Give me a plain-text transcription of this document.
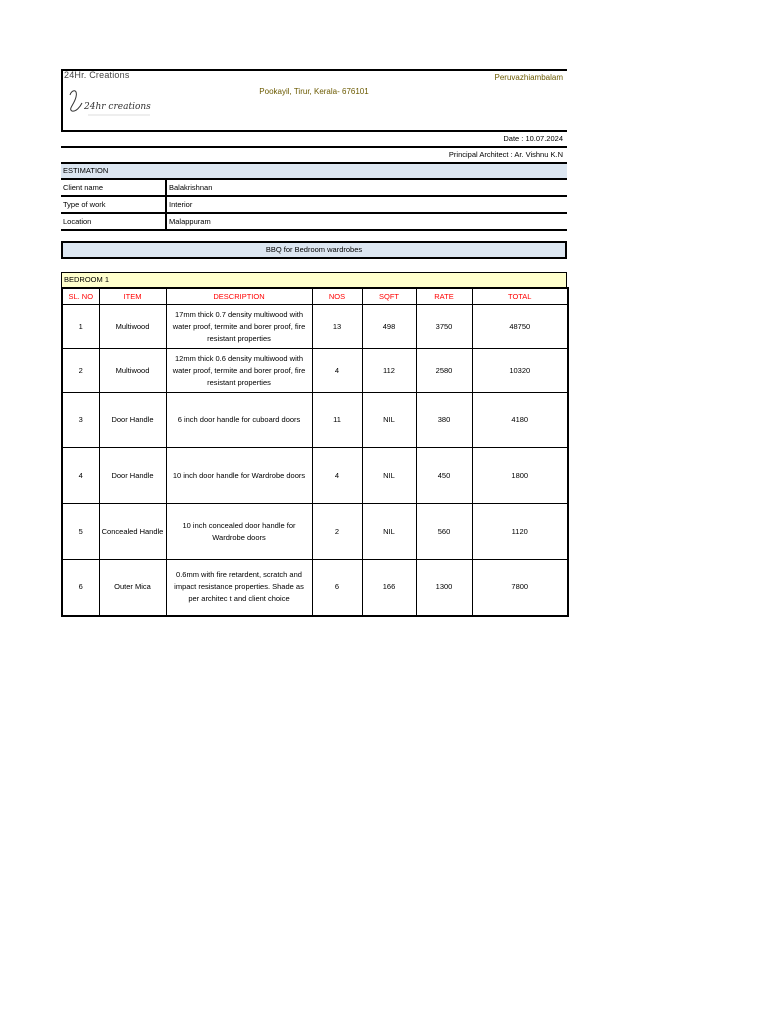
24Hr. Creations
24hr creations
Peruvazhiambalam
Pookayil, Tirur, Kerala- 676101
Date : 10.07.2024
Principal Architect : Ar. Vishnu K.N
ESTIMATION
Client name	Balakrishnan
Type of work	Interior
Location	Malappuram
BBQ for Bedroom wardrobes
BEDROOM 1
SL. NO	ITEM	DESCRIPTION	NOS	SQFT	RATE	TOTAL
1	Multiwood	17mm thick 0.7 density multiwood with water proof, termite and borer proof, fire resistant properties	13	498	3750	48750
2	Multiwood	12mm thick 0.6 density multiwood with water proof, termite and borer proof, fire resistant properties	4	112	2580	10320
3	Door Handle	6 inch door handle for cuboard doors	11	NIL	380	4180
4	Door Handle	10 inch door handle for Wardrobe doors	4	NIL	450	1800
5	Concealed Handle	10 inch concealed door handle for Wardrobe doors	2	NIL	560	1120
6	Outer Mica	0.6mm with fire retardent, scratch and impact resistance properties. Shade as per architec t and client choice	6	166	1300	7800
